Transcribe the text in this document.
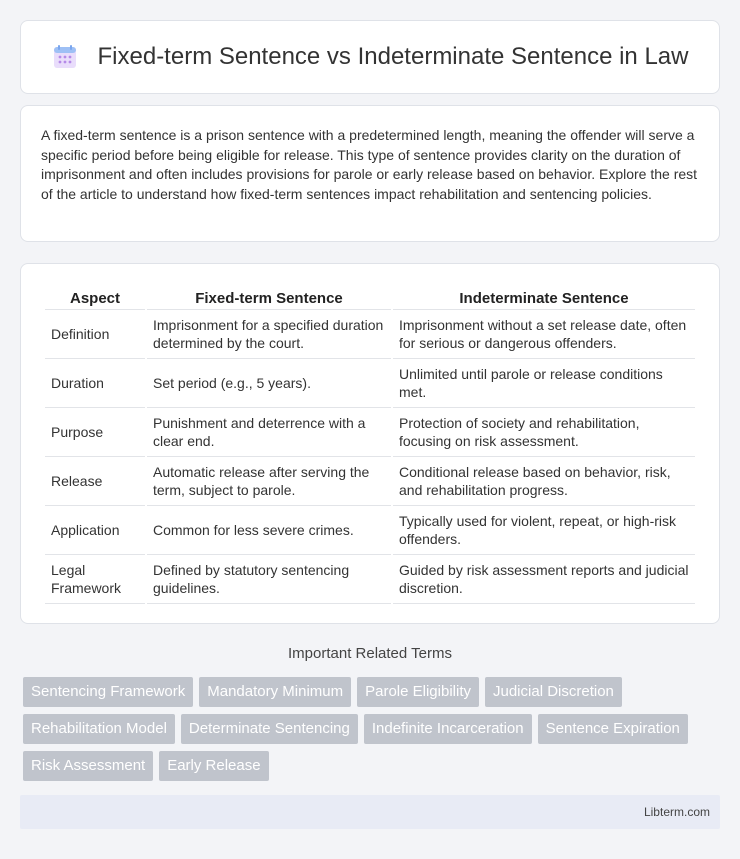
Fixed-term Sentence vs Indeterminate Sentence in Law

A fixed-term sentence is a prison sentence with a predetermined length, meaning the offender will serve a specific period before being eligible for release. This type of sentence provides clarity on the duration of imprisonment and often includes provisions for parole or early release based on behavior. Explore the rest of the article to understand how fixed-term sentences impact rehabilitation and sentencing policies.

Aspect	Fixed-term Sentence	Indeterminate Sentence
Definition	Imprisonment for a specified duration determined by the court.	Imprisonment without a set release date, often for serious or dangerous offenders.
Duration	Set period (e.g., 5 years).	Unlimited until parole or release conditions met.
Purpose	Punishment and deterrence with a clear end.	Protection of society and rehabilitation, focusing on risk assessment.
Release	Automatic release after serving the term, subject to parole.	Conditional release based on behavior, risk, and rehabilitation progress.
Application	Common for less severe crimes.	Typically used for violent, repeat, or high-risk offenders.
Legal Framework	Defined by statutory sentencing guidelines.	Guided by risk assessment reports and judicial discretion.
Important Related Terms
Sentencing Framework	Mandatory Minimum	Parole Eligibility	Judicial Discretion
Rehabilitation Model	Determinate Sentencing	Indefinite Incarceration	Sentence Expiration
Risk Assessment	Early Release
Libterm.com
